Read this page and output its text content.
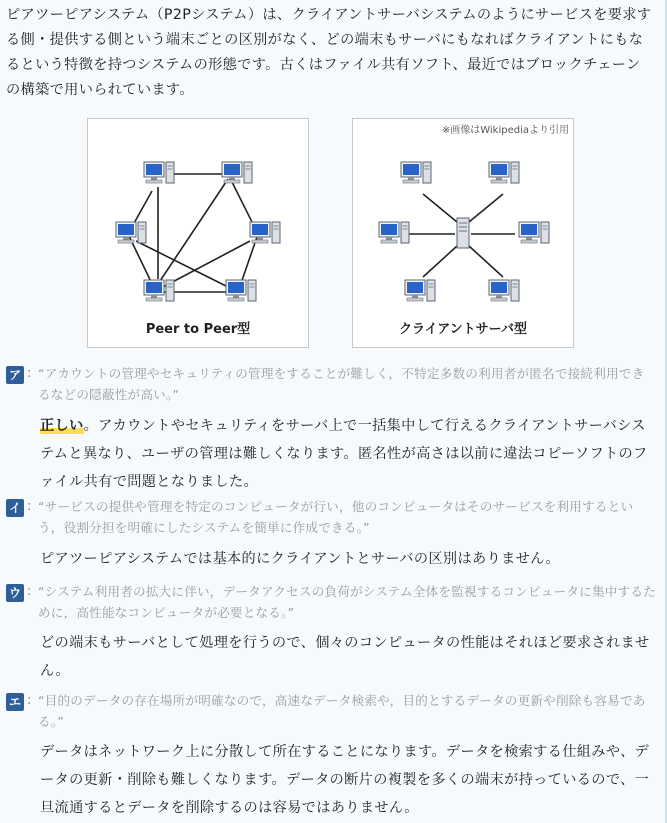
ピアツーピアシステム（P2Pシステム）は、クライアントサーバシステムのようにサービスを要求する側・提供する側という端末ごとの区別がなく、どの端末もサーバにもなればクライアントにもなるという特徴を持つシステムの形態です。古くはファイル共有ソフト、最近ではブロックチェーンの構築で用いられています。
Peer to Peer型
※画像はWikipediaより引用
クライアントサーバ型
ア : “アカウントの管理やセキュリティの管理をすることが難しく，不特定多数の利用者が匿名で接続利用できるなどの隠蔽性が高い。”
正しい。アカウントやセキュリティをサーバ上で一括集中して行えるクライアントサーバシステムと異なり、ユーザの管理は難しくなります。匿名性が高さは以前に違法コピーソフトのファイル共有で問題となりました。
イ : “サービスの提供や管理を特定のコンピュータが行い，他のコンピュータはそのサービスを利用するという，役割分担を明確にしたシステムを簡単に作成できる。”
ピアツーピアシステムでは基本的にクライアントとサーバの区別はありません。
ウ : “システム利用者の拡大に伴い，データアクセスの負荷がシステム全体を監視するコンピュータに集中するために，高性能なコンピュータが必要となる。”
どの端末もサーバとして処理を行うので、個々のコンピュータの性能はそれほど要求されません。
エ : “目的のデータの存在場所が明確なので，高速なデータ検索や，目的とするデータの更新や削除も容易である。”
データはネットワーク上に分散して所在することになります。データを検索する仕組みや、データの更新・削除も難しくなります。データの断片の複製を多くの端末が持っているので、一旦流通するとデータを削除するのは容易ではありません。
